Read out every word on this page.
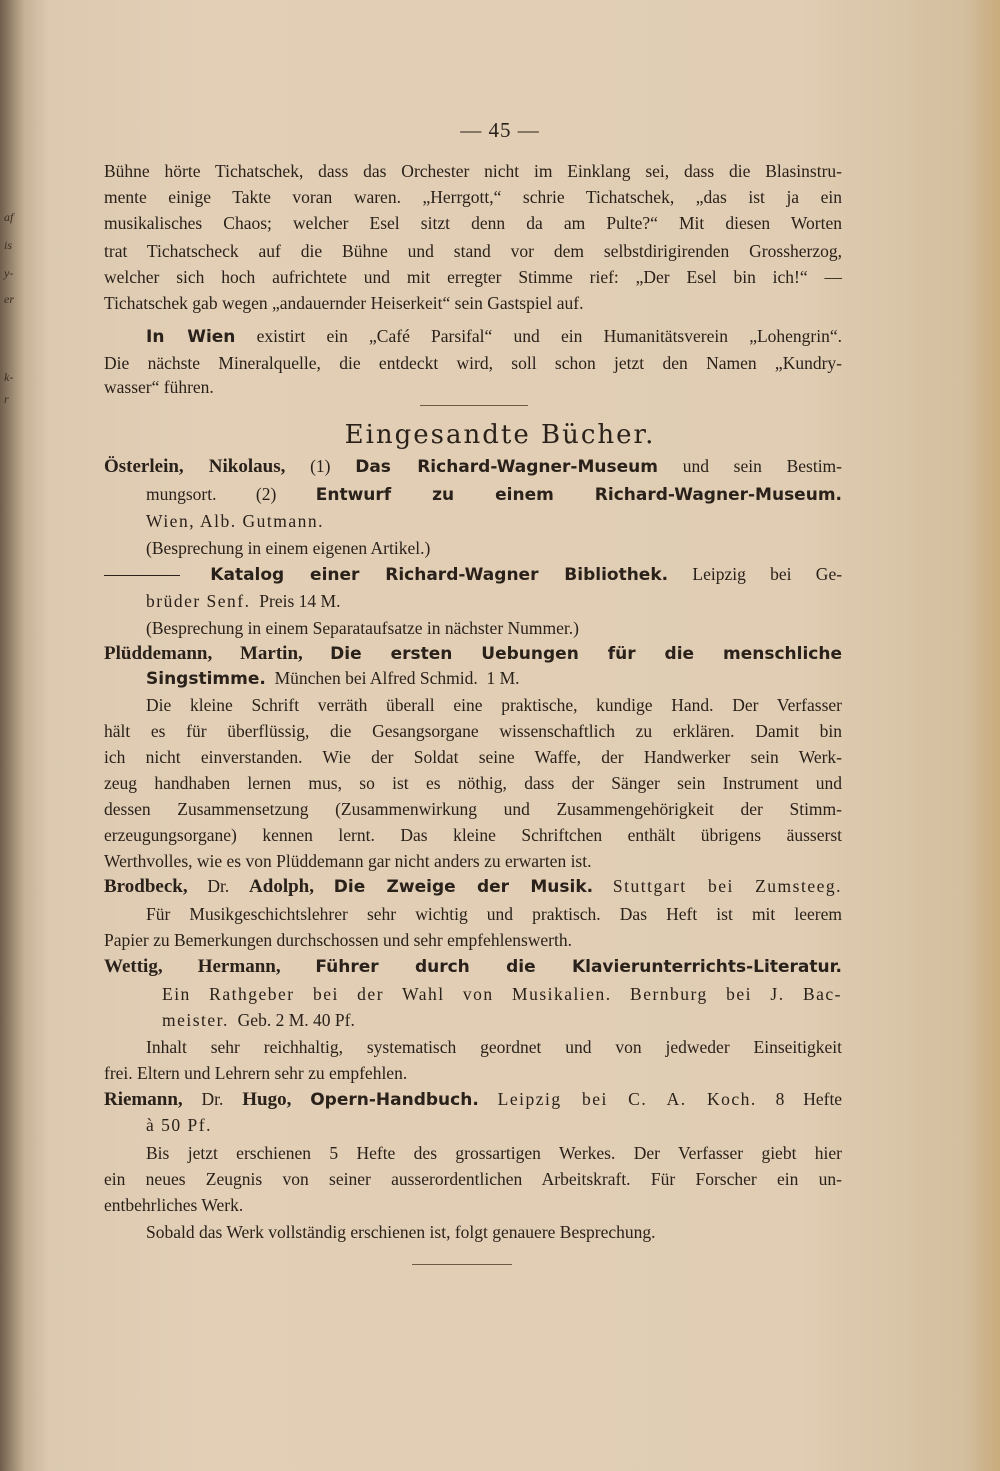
af
is
y-
er
k-
r
— 45 —
Bühne hörte Tichatschek, dass das Orchester nicht im Einklang sei, dass die Blasinstru-
mente einige Takte voran waren. „Herrgott,“ schrie Tichatschek, „das ist ja ein
musikalisches Chaos; welcher Esel sitzt denn da am Pulte?“ Mit diesen Worten
trat Tichatscheck auf die Bühne und stand vor dem selbstdirigirenden Grossherzog,
welcher sich hoch aufrichtete und mit erregter Stimme rief: „Der Esel bin ich!“ —
Tichatschek gab wegen „andauernder Heiserkeit“ sein Gastspiel auf.
In Wien existirt ein „Café Parsifal“ und ein Humanitätsverein „Lohengrin“.
Die nächste Mineralquelle, die entdeckt wird, soll schon jetzt den Namen „Kundry-
wasser“ führen.
Eingesandte Bücher.
Österlein, Nikolaus, (1) Das Richard-Wagner-Museum und sein Bestim-
mungsort. (2) Entwurf zu einem Richard-Wagner-Museum.
Wien, Alb. Gutmann.
(Besprechung in einem eigenen Artikel.)
Katalog einer Richard-Wagner Bibliothek. Leipzig bei Ge-
brüder Senf. Preis 14 M.
(Besprechung in einem Separataufsatze in nächster Nummer.)
Plüddemann, Martin, Die ersten Uebungen für die menschliche
Singstimme. München bei Alfred Schmid. 1 M.
Die kleine Schrift verräth überall eine praktische, kundige Hand. Der Verfasser
hält es für überflüssig, die Gesangsorgane wissenschaftlich zu erklären. Damit bin
ich nicht einverstanden. Wie der Soldat seine Waffe, der Handwerker sein Werk-
zeug handhaben lernen mus, so ist es nöthig, dass der Sänger sein Instrument und
dessen Zusammensetzung (Zusammenwirkung und Zusammengehörigkeit der Stimm-
erzeugungsorgane) kennen lernt. Das kleine Schriftchen enthält übrigens äusserst
Werthvolles, wie es von Plüddemann gar nicht anders zu erwarten ist.
Brodbeck, Dr. Adolph, Die Zweige der Musik. Stuttgart bei Zumsteeg.
Für Musikgeschichtslehrer sehr wichtig und praktisch. Das Heft ist mit leerem
Papier zu Bemerkungen durchschossen und sehr empfehlenswerth.
Wettig, Hermann, Führer durch die Klavierunterrichts-Literatur.
Ein Rathgeber bei der Wahl von Musikalien. Bernburg bei J. Bac-
meister. Geb. 2 M. 40 Pf.
Inhalt sehr reichhaltig, systematisch geordnet und von jedweder Einseitigkeit
frei. Eltern und Lehrern sehr zu empfehlen.
Riemann, Dr. Hugo, Opern-Handbuch. Leipzig bei C. A. Koch. 8 Hefte
à 50 Pf.
Bis jetzt erschienen 5 Hefte des grossartigen Werkes. Der Verfasser giebt hier
ein neues Zeugnis von seiner ausserordentlichen Arbeitskraft. Für Forscher ein un-
entbehrliches Werk.
Sobald das Werk vollständig erschienen ist, folgt genauere Besprechung.
